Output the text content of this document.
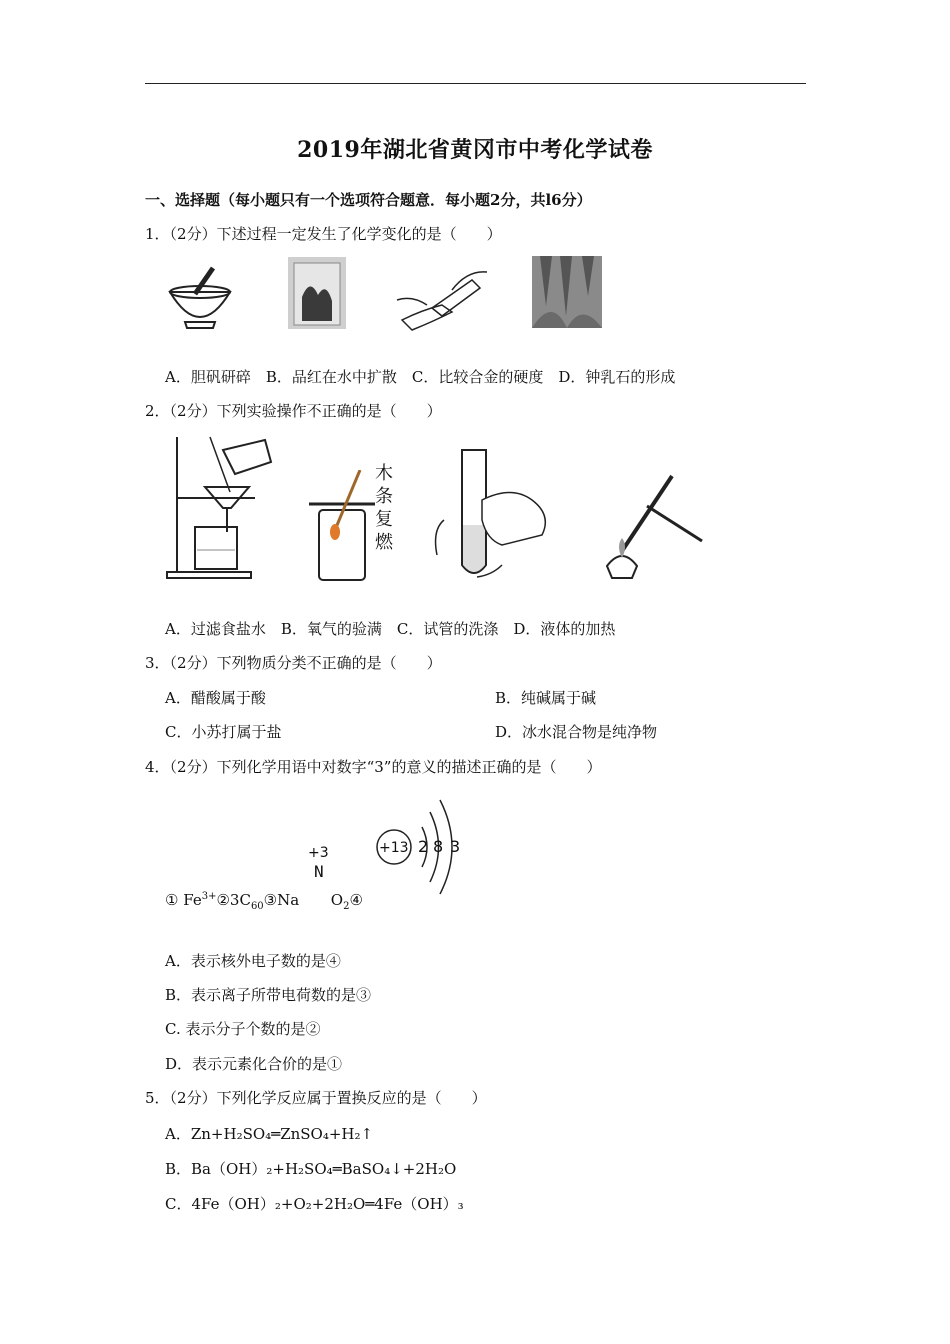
2019年湖北省黄冈市中考化学试卷
一、选择题（每小题只有一个选项符合题意．每小题2分，共l6分）
1．（2分）下述过程一定发生了化学变化的是（　　）
A．胆矾研碎　B．品红在水中扩散　C．比较合金的硬度　D．钟乳石的形成
2．（2分）下列实验操作不正确的是（　　）
木
条
复
燃
A．过滤食盐水　B．氧气的验满　C．试管的洗涤　D．液体的加热
3．（2分）下列物质分类不正确的是（　　）
A．醋酸属于酸	B．纯碱属于碱
C．小苏打属于盐	D．冰水混合物是纯净物
4．（2分）下列化学用语中对数字“3”的意义的描述正确的是（　　）
+3
N
+13 2 8 3
① $Fe^{3+}②3C_{60}③Na$ $O_2④$
A．表示核外电子数的是④
B．表示离子所带电荷数的是③
C. 表示分子个数的是②
D．表示元素化合价的是①
5．（2分）下列化学反应属于置换反应的是（　　）
A．Zn+H₂SO₄═ZnSO₄+H₂↑
B．Ba（OH）₂+H₂SO₄═BaSO₄↓+2H₂O
C．4Fe（OH）₂+O₂+2H₂O═4Fe（OH）₃
